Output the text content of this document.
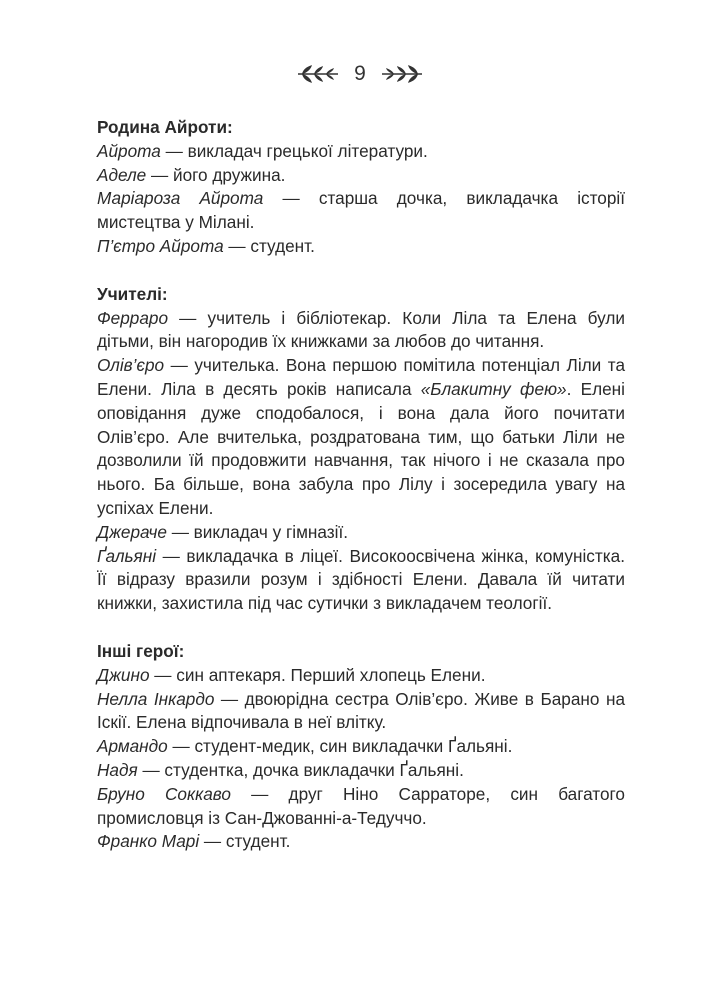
9

Родина Айроти:

Айрота — викладач грецької літератури.

Аделе — його дружина.

Маріароза Айрота — старша дочка, викладачка історії мистецтва у Мілані.

П’єтро Айрота — студент.

Учителі:

Ферраро — учитель і бібліотекар. Коли Ліла та Елена були дітьми, він нагородив їх книжками за любов до читання.

Олів’єро — учителька. Вона першою помітила потенціал Ліли та Елени. Ліла в десять років написала «Блакитну фею». Елені оповідання дуже сподобалося, і вона дала його почитати Олів’єро. Але вчителька, роздратована тим, що батьки Ліли не дозволили їй продовжити навчання, так нічого і не сказала про нього. Ба більше, вона забула про Лілу і зосередила увагу на успіхах Елени.

Джераче — викладач у гімназії.

Ґальяні — викладачка в ліцеї. Високоосвічена жінка, комуністка. Її відразу вразили розум і здібності Елени. Давала їй читати книжки, захистила під час сутички з викладачем теології.

Інші герої:

Джино — син аптекаря. Перший хлопець Елени.

Нелла Інкардо — двоюрідна сестра Олів’єро. Живе в Барано на Іскії. Елена відпочивала в неї влітку.

Армандо — студент-медик, син викладачки Ґальяні.

Надя — студентка, дочка викладачки Ґальяні.

Бруно Соккаво — друг Ніно Сарраторе, син багатого промисловця із Сан-Джованні-а-Тедуччо.

Франко Марі — студент.
